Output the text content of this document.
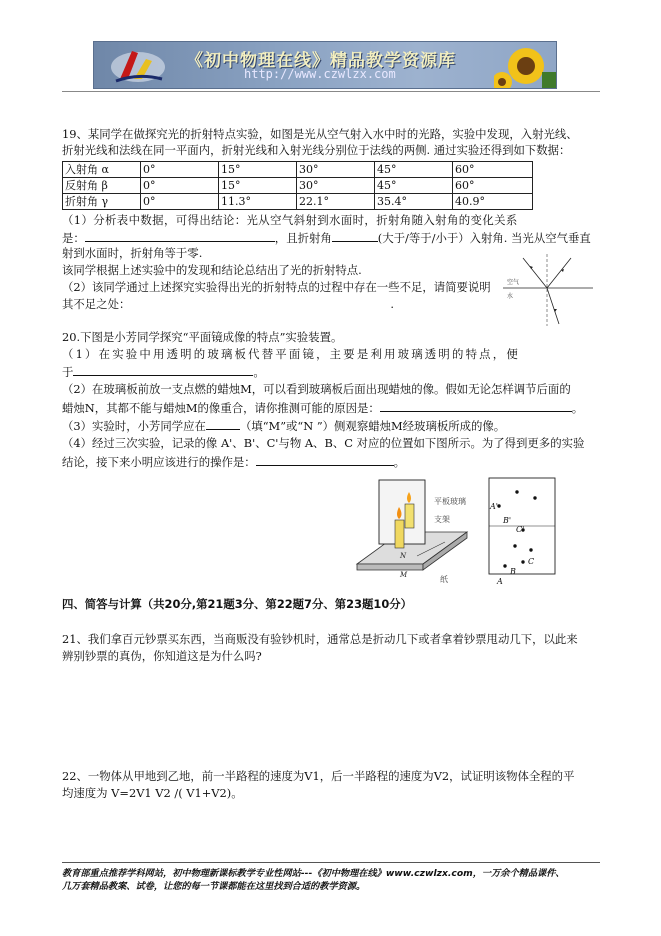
《初中物理在线》精品教学资源库
http://www.czwlzx.com
19、某同学在做探究光的折射特点实验，如图是光从空气射入水中时的光路，实验中发现，入射光线、
折射光线和法线在同一平面内，折射光线和入射光线分别位于法线的两侧. 通过实验还得到如下数据：
入射角 α	0°	15°	30°	45°	60°
反射角 β	0°	15°	30°	45°	60°
折射角 γ	0°	11.3°	22.1°	35.4°	40.9°
（1）分析表中数据，可得出结论：光从空气斜射到水面时，折射角随入射角的变化关系
是：	，且折射角	(大于/等于/小于）入射角. 当光从空气垂直
射到水面时，折射角等于零.
该同学根据上述实验中的发现和结论总结出了光的折射特点.
（2）该同学通过上述探究实验得出光的折射特点的过程中存在一些不足，请简要说明
其不足之处：	.
空气
水
20.下图是小芳同学探究“平面镜成像的特点”实验装置。
（1）在实验中用透明的玻璃板代替平面镜，主要是利用玻璃透明的特点，便
于	。
（2）在玻璃板前放一支点燃的蜡烛M，可以看到玻璃板后面出现蜡烛的像。假如无论怎样调节后面的
蜡烛N，其都不能与蜡烛M的像重合，请你推测可能的原因是：	。
（3）实验时，小芳同学应在	（填“M”或“N ”）侧观察蜡烛M经玻璃板所成的像。
（4）经过三次实验，记录的像 A'、B'、C'与物 A、B、C 对应的位置如下图所示。为了得到更多的实验
结论，接下来小明应该进行的操作是：	。
N
M
平板玻璃
支架
纸
A'
B'
C'
C
B
A
四、简答与计算（共20分,第21题3分、第22题7分、第23题10分）
21、我们拿百元钞票买东西，当商贩没有验钞机时，通常总是折动几下或者拿着钞票甩动几下，以此来
辨别钞票的真伪，你知道这是为什么吗?
22、一物体从甲地到乙地，前一半路程的速度为V1，后一半路程的速度为V2，试证明该物体全程的平
均速度为 V=2V1 V2 /( V1+V2)。
教育部重点推荐学科网站，初中物理新课标教学专业性网站---《初中物理在线》www.czwlzx.com，一万余个精品课件、
几万套精品教案、试卷，让您的每一节课都能在这里找到合适的教学资源。
